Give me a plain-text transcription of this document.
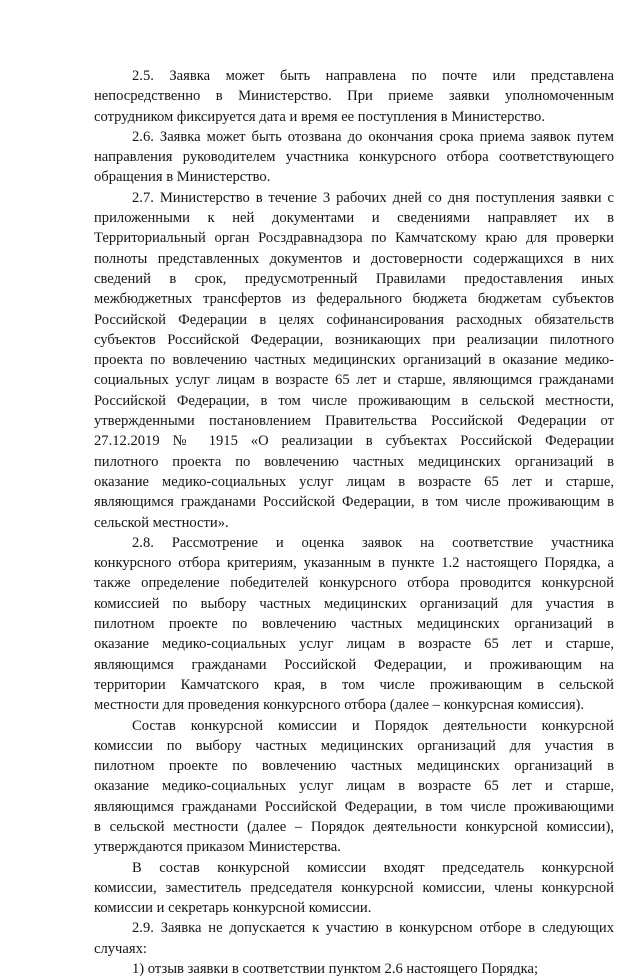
2.5. Заявка может быть направлена по почте или представлена
непосредственно в Министерство. При приеме заявки уполномоченным
сотрудником фиксируется дата и время ее поступления в Министерство.

2.6. Заявка может быть отозвана до окончания срока приема заявок путем
направления руководителем участника конкурсного отбора соответствующего
обращения в Министерство.

2.7. Министерство в течение 3 рабочих дней со дня поступления заявки с
приложенными к ней документами и сведениями направляет их в
Территориальный орган Росздравнадзора по Камчатскому краю для проверки
полноты представленных документов и достоверности содержащихся в них
сведений в срок, предусмотренный Правилами предоставления иных
межбюджетных трансфертов из федерального бюджета бюджетам субъектов
Российской Федерации в целях софинансирования расходных обязательств
субъектов Российской Федерации, возникающих при реализации пилотного
проекта по вовлечению частных медицинских организаций в оказание медико-
социальных услуг лицам в возрасте 65 лет и старше, являющимся гражданами
Российской Федерации, в том числе проживающим в сельской местности,
утвержденными постановлением Правительства Российской Федерации от
27.12.2019 № 1915 «О реализации в субъектах Российской Федерации
пилотного проекта по вовлечению частных медицинских организаций в
оказание медико-социальных услуг лицам в возрасте 65 лет и старше,
являющимся гражданами Российской Федерации, в том числе проживающим в
сельской местности».

2.8. Рассмотрение и оценка заявок на соответствие участника
конкурсного отбора критериям, указанным в пункте 1.2 настоящего Порядка, а
также определение победителей конкурсного отбора проводится конкурсной
комиссией по выбору частных медицинских организаций для участия в
пилотном проекте по вовлечению частных медицинских организаций в
оказание медико-социальных услуг лицам в возрасте 65 лет и старше,
являющимся гражданами Российской Федерации, и проживающим на
территории Камчатского края, в том числе проживающим в сельской
местности для проведения конкурсного отбора (далее – конкурсная комиссия).

Состав конкурсной комиссии и Порядок деятельности конкурсной
комиссии по выбору частных медицинских организаций для участия в
пилотном проекте по вовлечению частных медицинских организаций в
оказание медико-социальных услуг лицам в возрасте 65 лет и старше,
являющимся гражданами Российской Федерации, в том числе проживающими
в сельской местности (далее – Порядок деятельности конкурсной комиссии),
утверждаются приказом Министерства.

В состав конкурсной комиссии входят председатель конкурсной
комиссии, заместитель председателя конкурсной комиссии, члены конкурсной
комиссии и секретарь конкурсной комиссии.

2.9. Заявка не допускается к участию в конкурсном отборе в следующих
случаях:

1) отзыв заявки в соответствии пунктом 2.6 настоящего Порядка;
